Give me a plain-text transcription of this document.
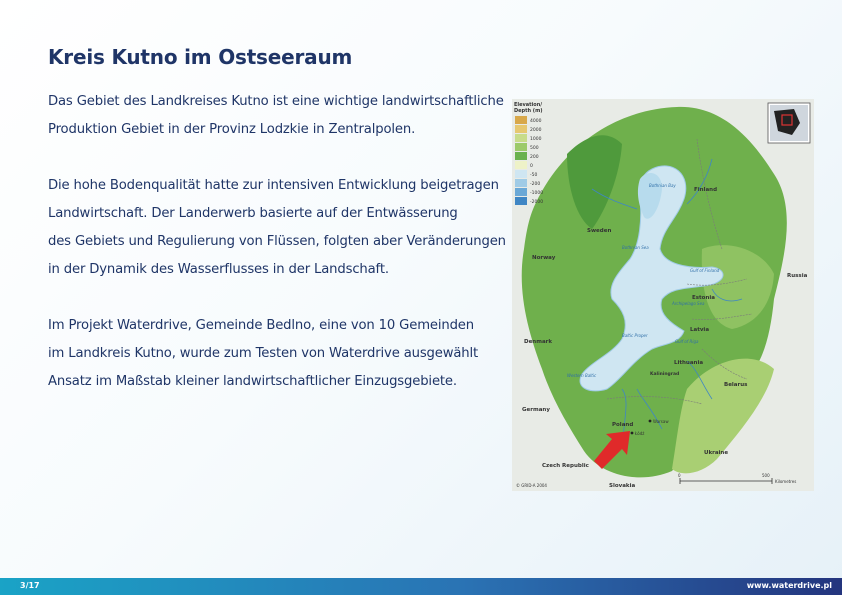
Kreis Kutno im Ostseeraum

Das Gebiet des Landkreises Kutno ist eine wichtige landwirtschaftliche
Produktion Gebiet in der Provinz Lodzkie in Zentralpolen.

Die hohe Bodenqualität hatte zur intensiven Entwicklung beigetragen
Landwirtschaft. Der Landerwerb basierte auf der Entwässerung
des Gebiets und Regulierung von Flüssen, folgten aber Veränderungen
in der Dynamik des Wasserflusses in der Landschaft.

Im Projekt Waterdrive, Gemeinde Bedlno, eine von 10 Gemeinden
im Landkreis Kutno, wurde zum Testen von Waterdrive ausgewählt
Ansatz im Maßstab kleiner landwirtschaftlicher Einzugsgebiete.

Elevation/
Depth (m)
4000
2000
1000
500
200
0
-50
-200
-1000
-2000
Norway
Sweden
Finland
Russia
Estonia
Latvia
Lithuania
Kaliningrad
Belarus
Poland
Germany
Denmark
Czech Republic
Slovakia
Ukraine
Bothnian Bay
Bothnian Sea
Gulf of Finland
Archipelago Sea
Gulf of Riga
Baltic Proper
Western Baltic
Łódź
Warsaw
0	500
Kilometres
© GRID-A 2004
3/17	www.waterdrive.pl
